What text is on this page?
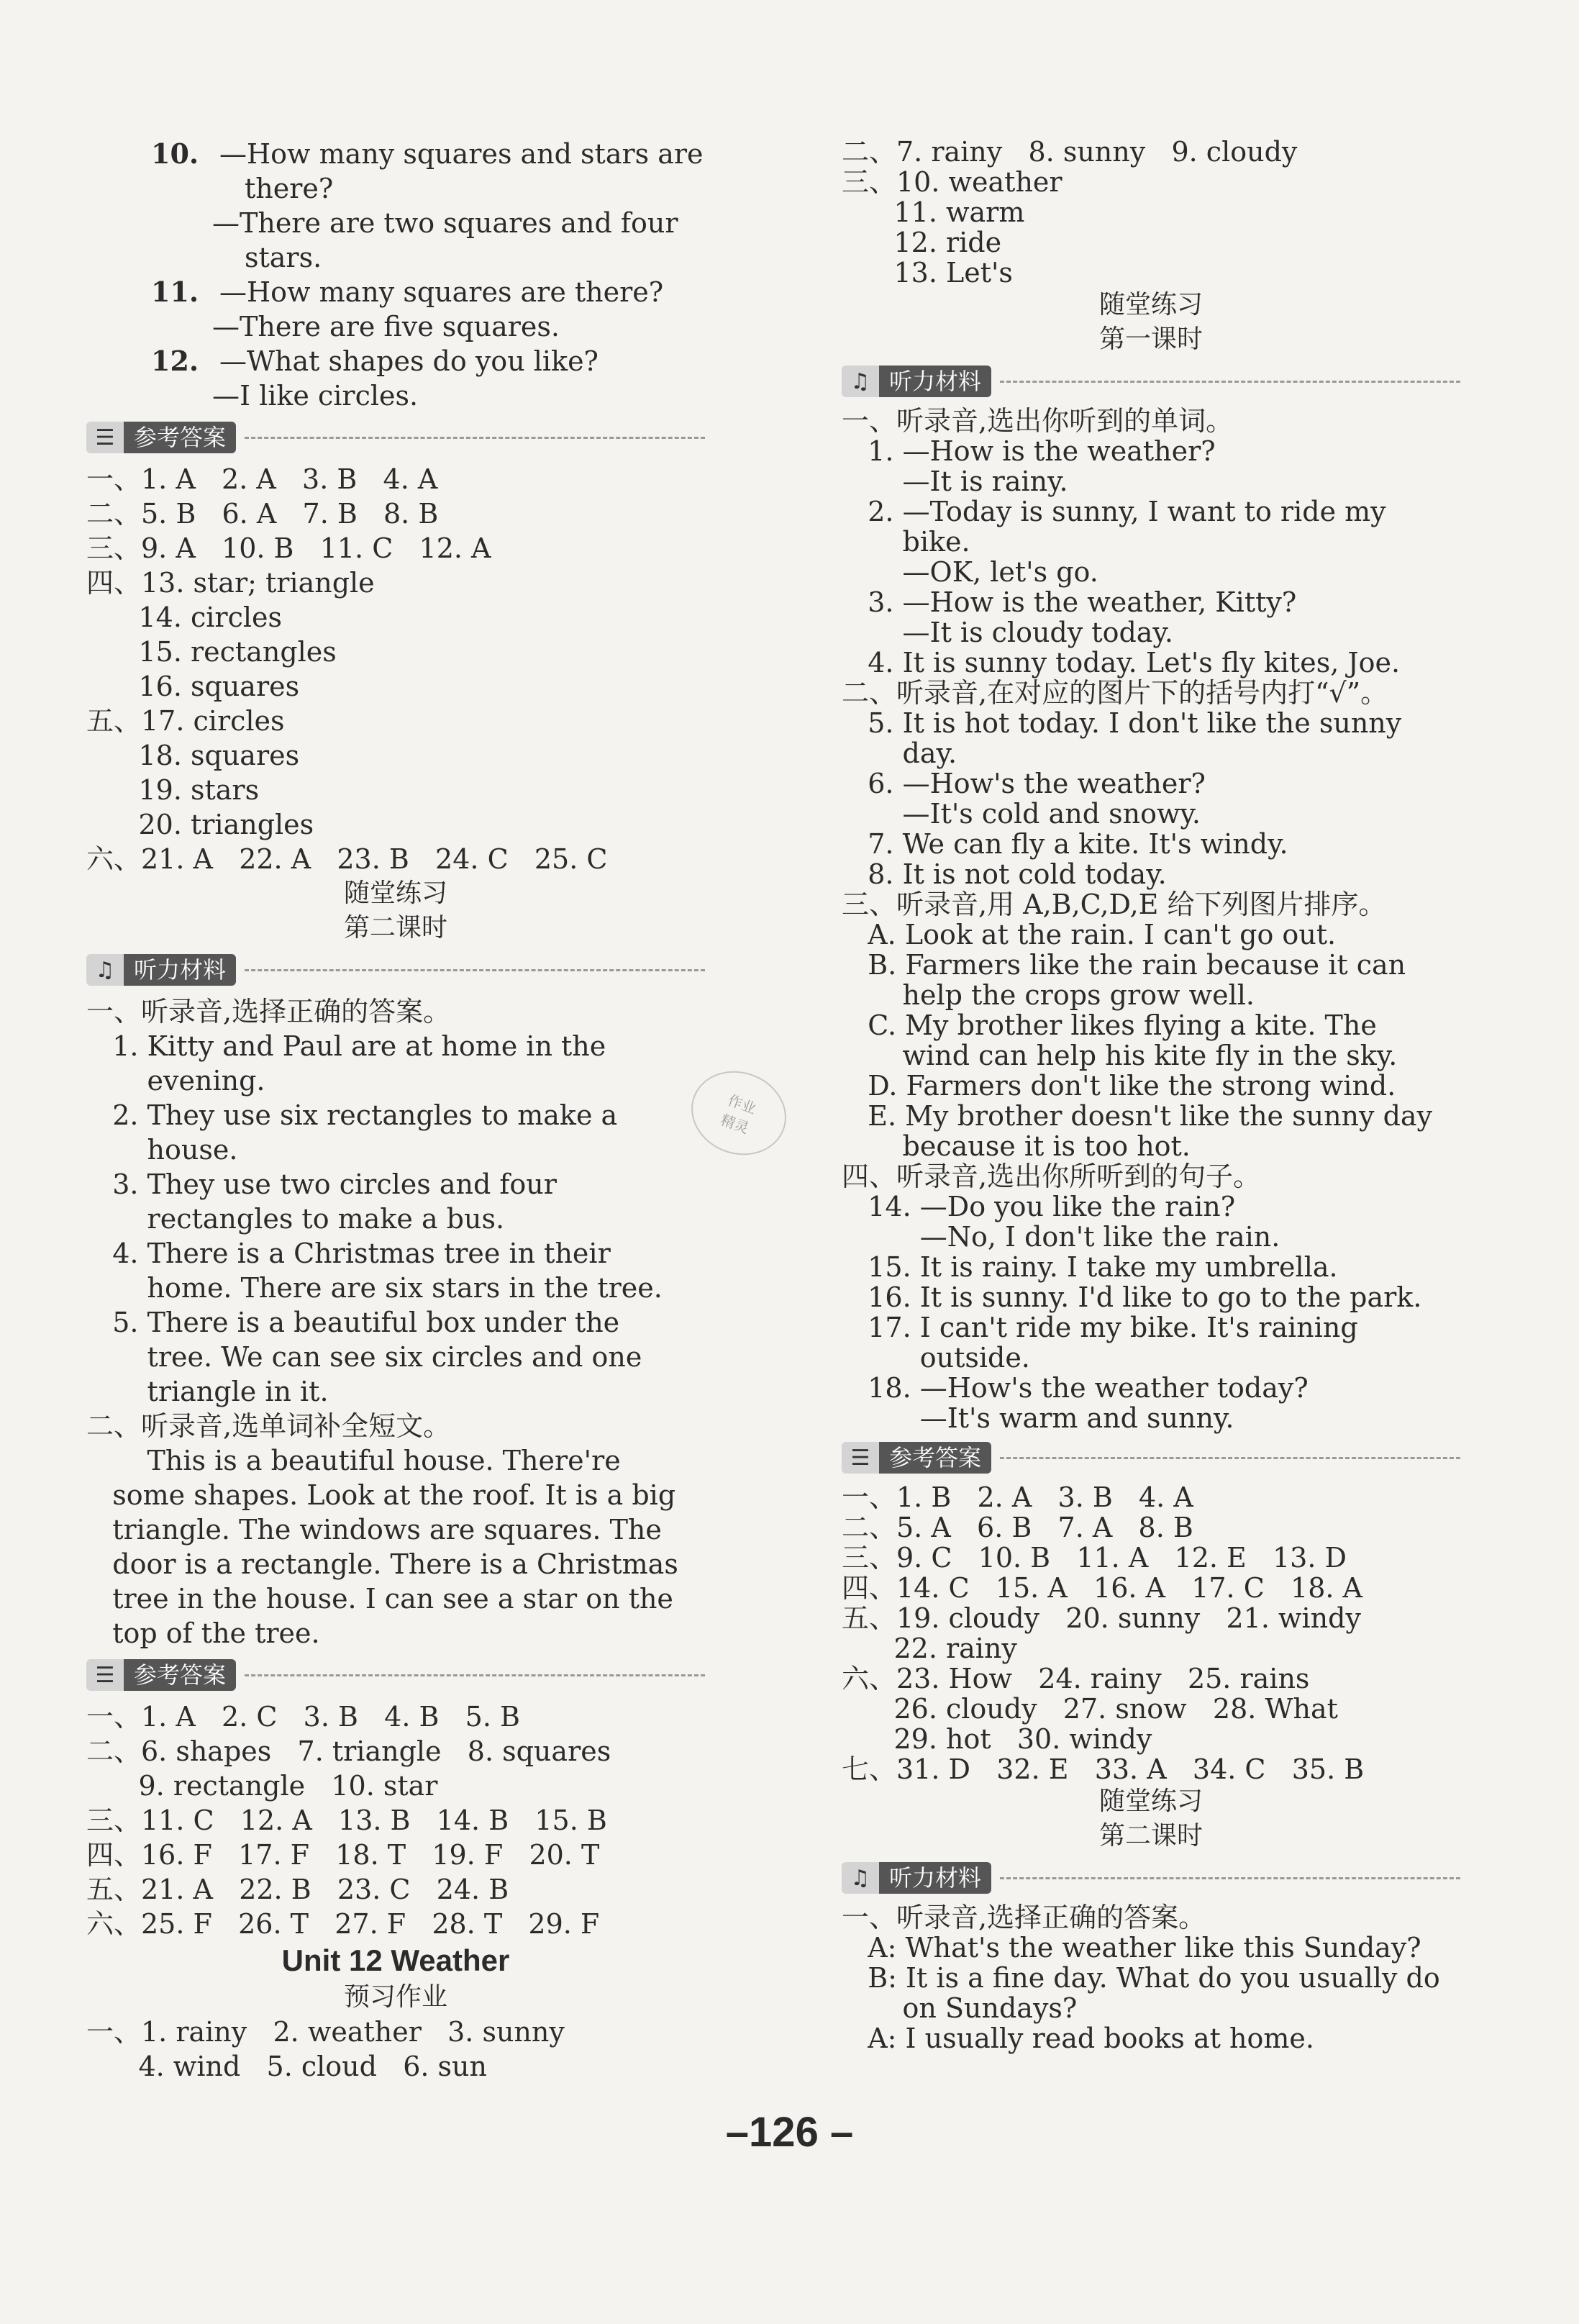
10. —How many squares and stars are
there?
—There are two squares and four
stars.
11. —How many squares are there?
—There are five squares.
12. —What shapes do you like?
—I like circles.
☰ 参考答案
一、1. A   2. A   3. B   4. A
二、5. B   6. A   7. B   8. B
三、9. A   10. B   11. C   12. A
四、13. star; triangle
14. circles
15. rectangles
16. squares
五、17. circles
18. squares
19. stars
20. triangles
六、21. A   22. A   23. B   24. C   25. C
随堂练习
第二课时
♫ 听力材料
一、听录音,选择正确的答案。
1. Kitty and Paul are at home in the
evening.
2. They use six rectangles to make a
house.
3. They use two circles and four
rectangles to make a bus.
4. There is a Christmas tree in their
home. There are six stars in the tree.
5. There is a beautiful box under the
tree. We can see six circles and one
triangle in it.
二、听录音,选单词补全短文。
This is a beautiful house. There're
some shapes. Look at the roof. It is a big
triangle. The windows are squares. The
door is a rectangle. There is a Christmas
tree in the house. I can see a star on the
top of the tree.
☰ 参考答案
一、1. A   2. C   3. B   4. B   5. B
二、6. shapes   7. triangle   8. squares
9. rectangle   10. star
三、11. C   12. A   13. B   14. B   15. B
四、16. F   17. F   18. T   19. F   20. T
五、21. A   22. B   23. C   24. B
六、25. F   26. T   27. F   28. T   29. F
Unit 12 Weather
预习作业
一、1. rainy   2. weather   3. sunny
4. wind   5. cloud   6. sun
二、7. rainy   8. sunny   9. cloudy
三、10. weather
11. warm
12. ride
13. Let's
随堂练习
第一课时
♫ 听力材料
一、听录音,选出你听到的单词。
1. —How is the weather?
—It is rainy.
2. —Today is sunny, I want to ride my
bike.
—OK, let's go.
3. —How is the weather, Kitty?
—It is cloudy today.
4. It is sunny today. Let's fly kites, Joe.
二、听录音,在对应的图片下的括号内打“√”。
5. It is hot today. I don't like the sunny
day.
6. —How's the weather?
—It's cold and snowy.
7. We can fly a kite. It's windy.
8. It is not cold today.
三、听录音,用 A,B,C,D,E 给下列图片排序。
A. Look at the rain. I can't go out.
B. Farmers like the rain because it can
help the crops grow well.
C. My brother likes flying a kite. The
wind can help his kite fly in the sky.
D. Farmers don't like the strong wind.
E. My brother doesn't like the sunny day
because it is too hot.
四、听录音,选出你所听到的句子。
14. —Do you like the rain?
—No, I don't like the rain.
15. It is rainy. I take my umbrella.
16. It is sunny. I'd like to go to the park.
17. I can't ride my bike. It's raining
outside.
18. —How's the weather today?
—It's warm and sunny.
☰ 参考答案
一、1. B   2. A   3. B   4. A
二、5. A   6. B   7. A   8. B
三、9. C   10. B   11. A   12. E   13. D
四、14. C   15. A   16. A   17. C   18. A
五、19. cloudy   20. sunny   21. windy
22. rainy
六、23. How   24. rainy   25. rains
26. cloudy   27. snow   28. What
29. hot   30. windy
七、31. D   32. E   33. A   34. C   35. B
随堂练习
第二课时
♫ 听力材料
一、听录音,选择正确的答案。
A: What's the weather like this Sunday?
B: It is a fine day. What do you usually do
on Sundays?
A: I usually read books at home.
作业
精灵
–126 –
